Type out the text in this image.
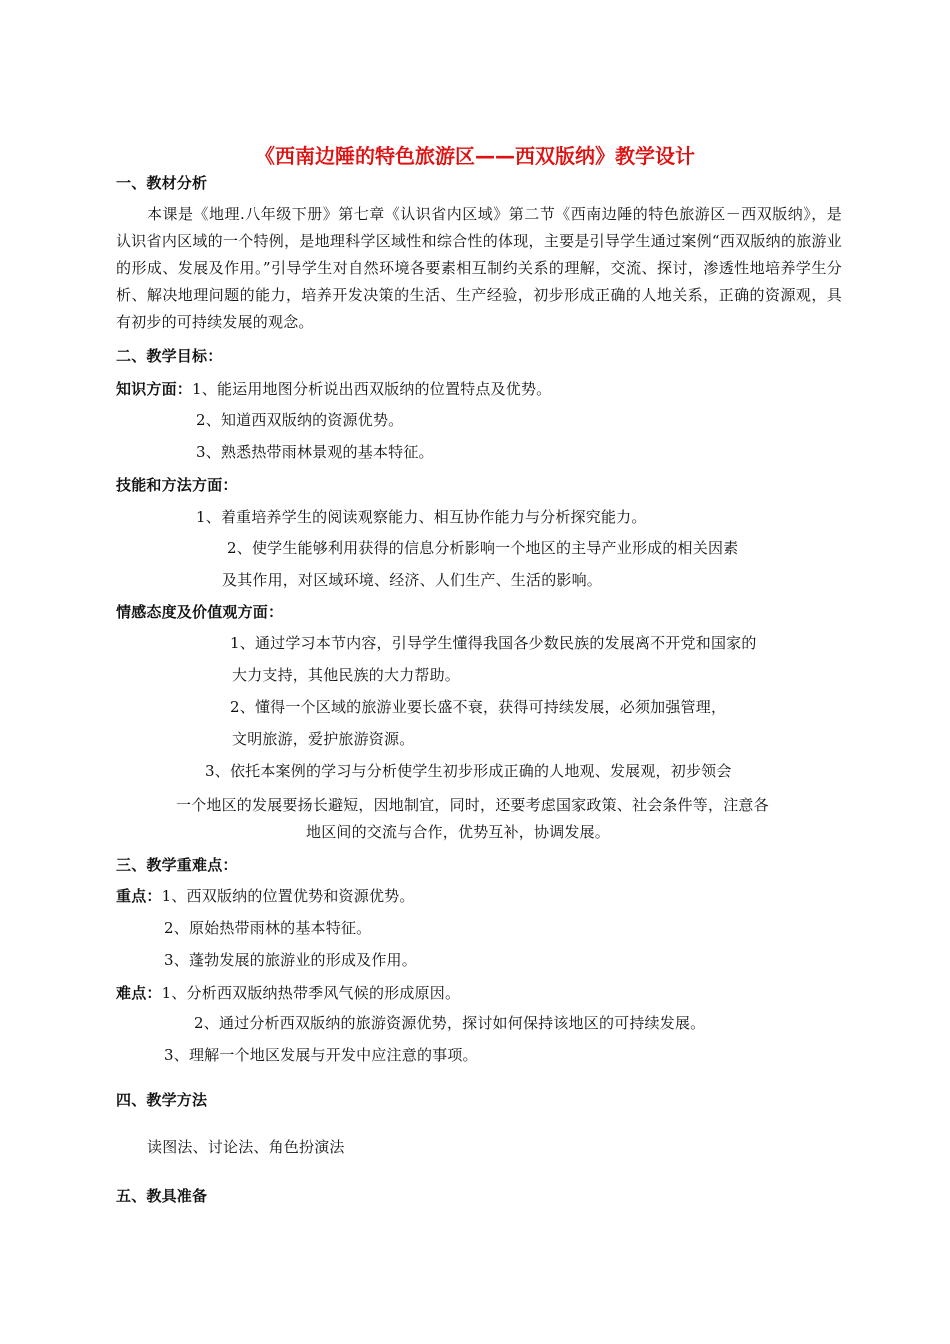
《西南边陲的特色旅游区——西双版纳》教学设计
一、教材分析
本课是《地理.八年级下册》第七章《认识省内区域》第二节《西南边陲的特色旅游区－西双版纳》，是认识省内区域的一个特例，是地理科学区域性和综合性的体现，主要是引导学生通过案例“西双版纳的旅游业的形成、发展及作用。”引导学生对自然环境各要素相互制约关系的理解，交流、探讨，渗透性地培养学生分析、解决地理问题的能力，培养开发决策的生活、生产经验，初步形成正确的人地关系，正确的资源观，具有初步的可持续发展的观念。
二、教学目标：
知识方面：1、能运用地图分析说出西双版纳的位置特点及优势。
2、知道西双版纳的资源优势。
3、熟悉热带雨林景观的基本特征。
技能和方法方面：
1、着重培养学生的阅读观察能力、相互协作能力与分析探究能力。
2、使学生能够利用获得的信息分析影响一个地区的主导产业形成的相关因素
及其作用，对区域环境、经济、人们生产、生活的影响。
情感态度及价值观方面：
1、通过学习本节内容，引导学生懂得我国各少数民族的发展离不开党和国家的
大力支持，其他民族的大力帮助。
2、懂得一个区域的旅游业要长盛不衰，获得可持续发展，必须加强管理，
文明旅游，爱护旅游资源。
3、依托本案例的学习与分析使学生初步形成正确的人地观、发展观，初步领会
一个地区的发展要扬长避短，因地制宜，同时，还要考虑国家政策、社会条件等，注意各
地区间的交流与合作，优势互补，协调发展。
三、教学重难点：
重点：1、西双版纳的位置优势和资源优势。
2、原始热带雨林的基本特征。
3、蓬勃发展的旅游业的形成及作用。
难点：1、分析西双版纳热带季风气候的形成原因。
2、通过分析西双版纳的旅游资源优势，探讨如何保持该地区的可持续发展。
3、理解一个地区发展与开发中应注意的事项。
四、教学方法
读图法、讨论法、角色扮演法
五、教具准备
